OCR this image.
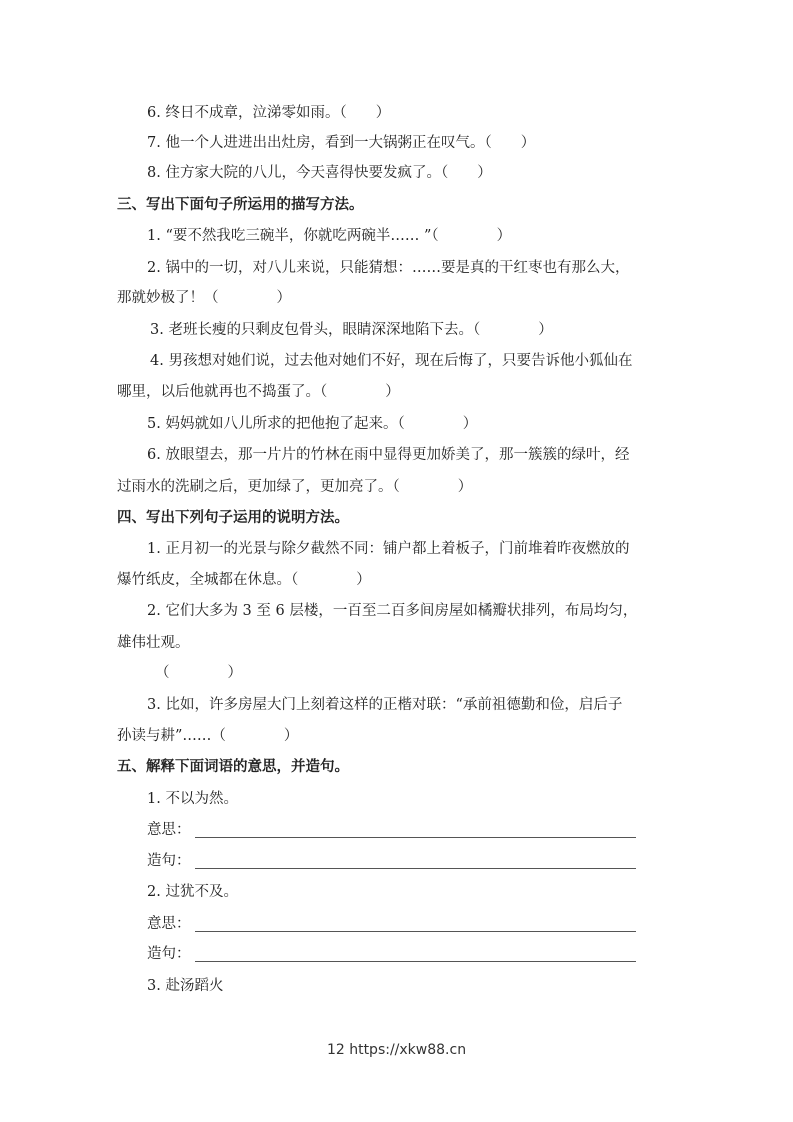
6. 终日不成章，泣涕零如雨。（　　）
7. 他一个人进进出出灶房，看到一大锅粥正在叹气。（　　）
8. 住方家大院的八儿，今天喜得快要发疯了。（　　）
三、写出下面句子所运用的描写方法。
1. “要不然我吃三碗半，你就吃两碗半…… ”（　　　　）
2. 锅中的一切，对八儿来说，只能猜想：……要是真的干红枣也有那么大，
那就妙极了！（　　　　）
3. 老班长瘦的只剩皮包骨头，眼睛深深地陷下去。（　　　　）
4. 男孩想对她们说，过去他对她们不好，现在后悔了，只要告诉他小狐仙在
哪里，以后他就再也不捣蛋了。（　　　　）
5. 妈妈就如八儿所求的把他抱了起来。（　　　　）
6. 放眼望去，那一片片的竹林在雨中显得更加娇美了，那一簇簇的绿叶，经
过雨水的洗刷之后，更加绿了，更加亮了。（　　　　）
四、写出下列句子运用的说明方法。
1. 正月初一的光景与除夕截然不同：铺户都上着板子，门前堆着昨夜燃放的
爆竹纸皮，全城都在休息。（　　　　）
2. 它们大多为 3 至 6 层楼，一百至二百多间房屋如橘瓣状排列，布局均匀，
雄伟壮观。
（　　　　）
3. 比如，许多房屋大门上刻着这样的正楷对联：“承前祖德勤和俭，启后子
孙读与耕”……（　　　　）
五、解释下面词语的意思，并造句。
1. 不以为然。
意思：
造句：
2. 过犹不及。
意思：
造句：
3. 赴汤蹈火
12 https://xkw88.cn
